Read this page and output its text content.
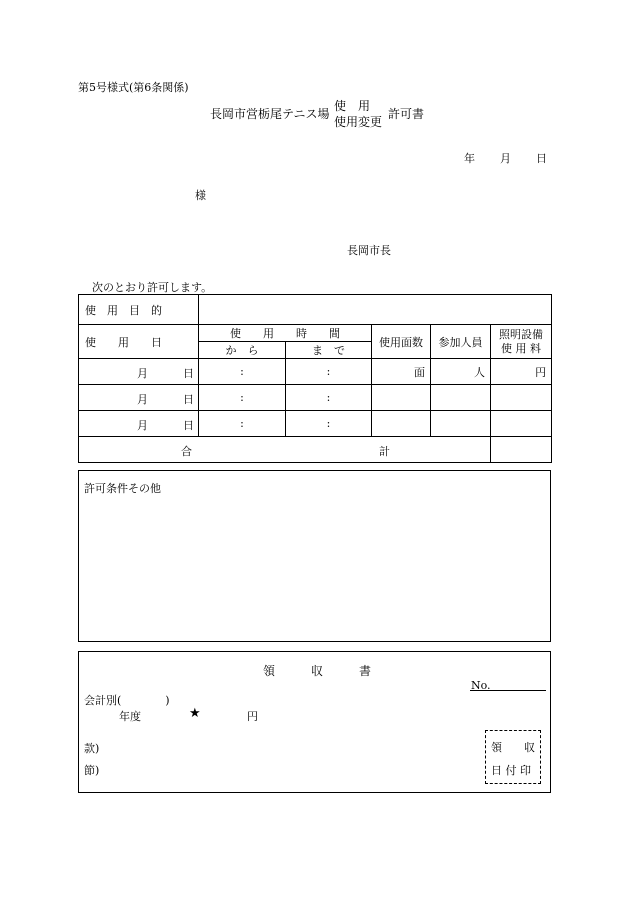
第5号様式(第6条関係)
長岡市営栃尾テニス場
使　用
使用変更
許可書
年 月 日
様
長岡市長
次のとおり許可します。
使　用　目　的					
使　　用　　日	使　　用　　時　　間		使用面数	参加人員	照明設備
使 用 料

	か　ら	ま　で			

月 日	:	:	面	人	円

月 日	:	:			

月 日	:	:			

合 計					

許可条件その他
領　　　収　　　書
No.
会計別(　　　　)
年度	★	円
款)
節)
領　　収
日 付 印
